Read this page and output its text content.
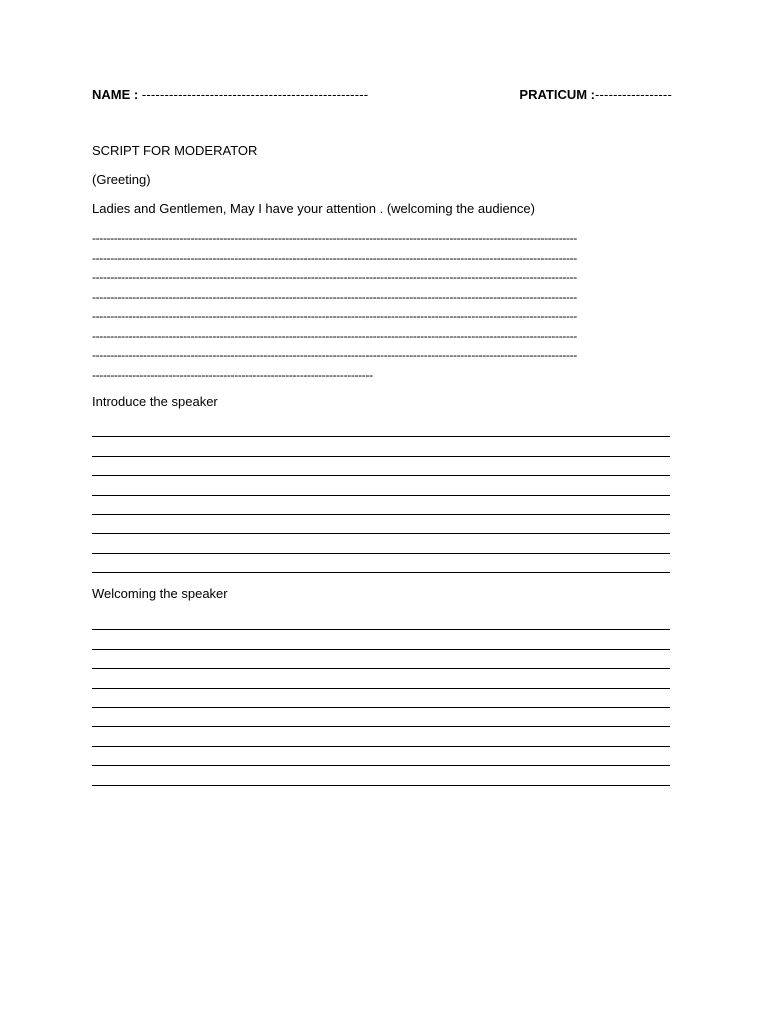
NAME : --------------------------------------------------	PRATICUM :-----------------
SCRIPT FOR MODERATOR
(Greeting)
Ladies and Gentlemen, May I have your attention . (welcoming the audience)
-------------------------------------------------------------------------------------------------------------------------------------
-------------------------------------------------------------------------------------------------------------------------------------
-------------------------------------------------------------------------------------------------------------------------------------
-------------------------------------------------------------------------------------------------------------------------------------
-------------------------------------------------------------------------------------------------------------------------------------
-------------------------------------------------------------------------------------------------------------------------------------
-------------------------------------------------------------------------------------------------------------------------------------
-----------------------------------------------------------------------------
Introduce the speaker
Welcoming the speaker
